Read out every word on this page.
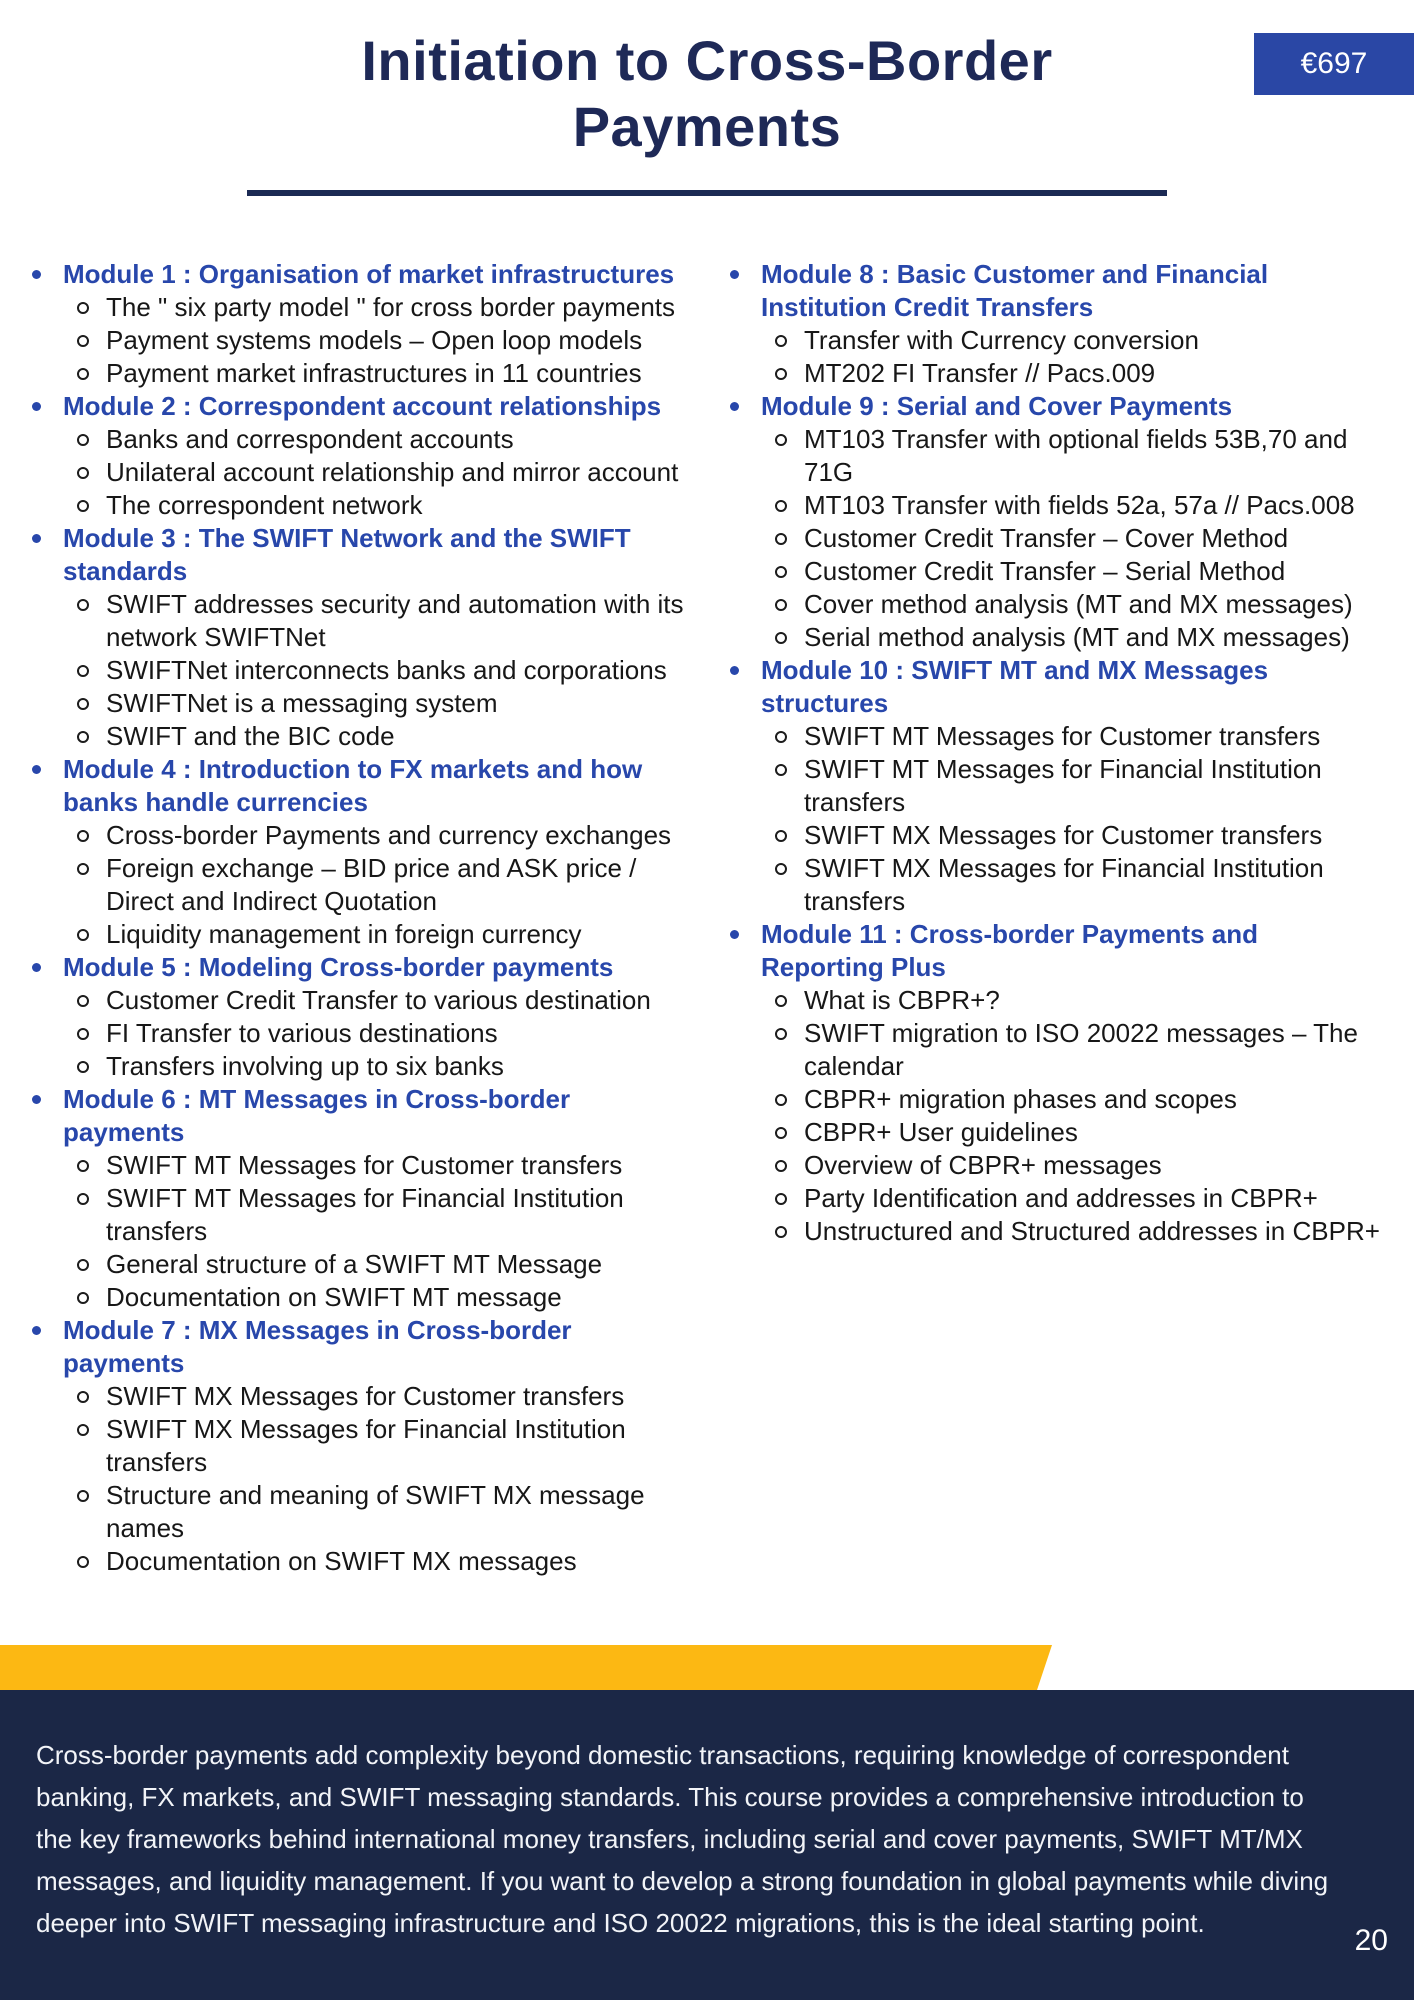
€697
Initiation to Cross-Border Payments
Module 1 : Organisation of market infrastructures
The " six party model " for cross border payments
Payment systems models – Open loop models
Payment market infrastructures in 11 countries
Module 2 : Correspondent account relationships
Banks and correspondent accounts
Unilateral account relationship and mirror account
The correspondent network
Module 3 : The SWIFT Network and the SWIFT standards
SWIFT addresses security and automation with its network SWIFTNet
SWIFTNet interconnects banks and corporations
SWIFTNet is a messaging system
SWIFT and the BIC code
Module 4 : Introduction to FX markets and how banks handle currencies
Cross-border Payments and currency exchanges
Foreign exchange – BID price and ASK price / Direct and Indirect Quotation
Liquidity management in foreign currency
Module 5 : Modeling Cross-border payments
Customer Credit Transfer to various destination
FI Transfer to various destinations
Transfers involving up to six banks
Module 6 : MT Messages in Cross-border payments
SWIFT MT Messages for Customer transfers
SWIFT MT Messages for Financial Institution transfers
General structure of a SWIFT MT Message
Documentation on SWIFT MT message
Module 7 : MX Messages in Cross-border payments
SWIFT MX Messages for Customer transfers
SWIFT MX Messages for Financial Institution transfers
Structure and meaning of SWIFT MX message names
Documentation on SWIFT MX messages
Module 8 : Basic Customer and Financial Institution Credit Transfers
Transfer with Currency conversion
MT202 FI Transfer // Pacs.009
Module 9 : Serial and Cover Payments
MT103 Transfer with optional fields 53B,70 and 71G
MT103 Transfer with fields 52a, 57a // Pacs.008
Customer Credit Transfer – Cover Method
Customer Credit Transfer – Serial Method
Cover method analysis (MT and MX messages)
Serial method analysis (MT and MX messages)
Module 10 : SWIFT MT and MX Messages structures
SWIFT MT Messages for Customer transfers
SWIFT MT Messages for Financial Institution transfers
SWIFT MX Messages for Customer transfers
SWIFT MX Messages for Financial Institution transfers
Module 11 : Cross-border Payments and Reporting Plus
What is CBPR+?
SWIFT migration to ISO 20022 messages – The calendar
CBPR+ migration phases and scopes
CBPR+ User guidelines
Overview of CBPR+ messages
Party Identification and addresses in CBPR+
Unstructured and Structured addresses in CBPR+

Cross-border payments add complexity beyond domestic transactions, requiring knowledge of correspondent banking, FX markets, and SWIFT messaging standards. This course provides a comprehensive introduction to the key frameworks behind international money transfers, including serial and cover payments, SWIFT MT/MX messages, and liquidity management. If you want to develop a strong foundation in global payments while diving deeper into SWIFT messaging infrastructure and ISO 20022 migrations, this is the ideal starting point.

20
